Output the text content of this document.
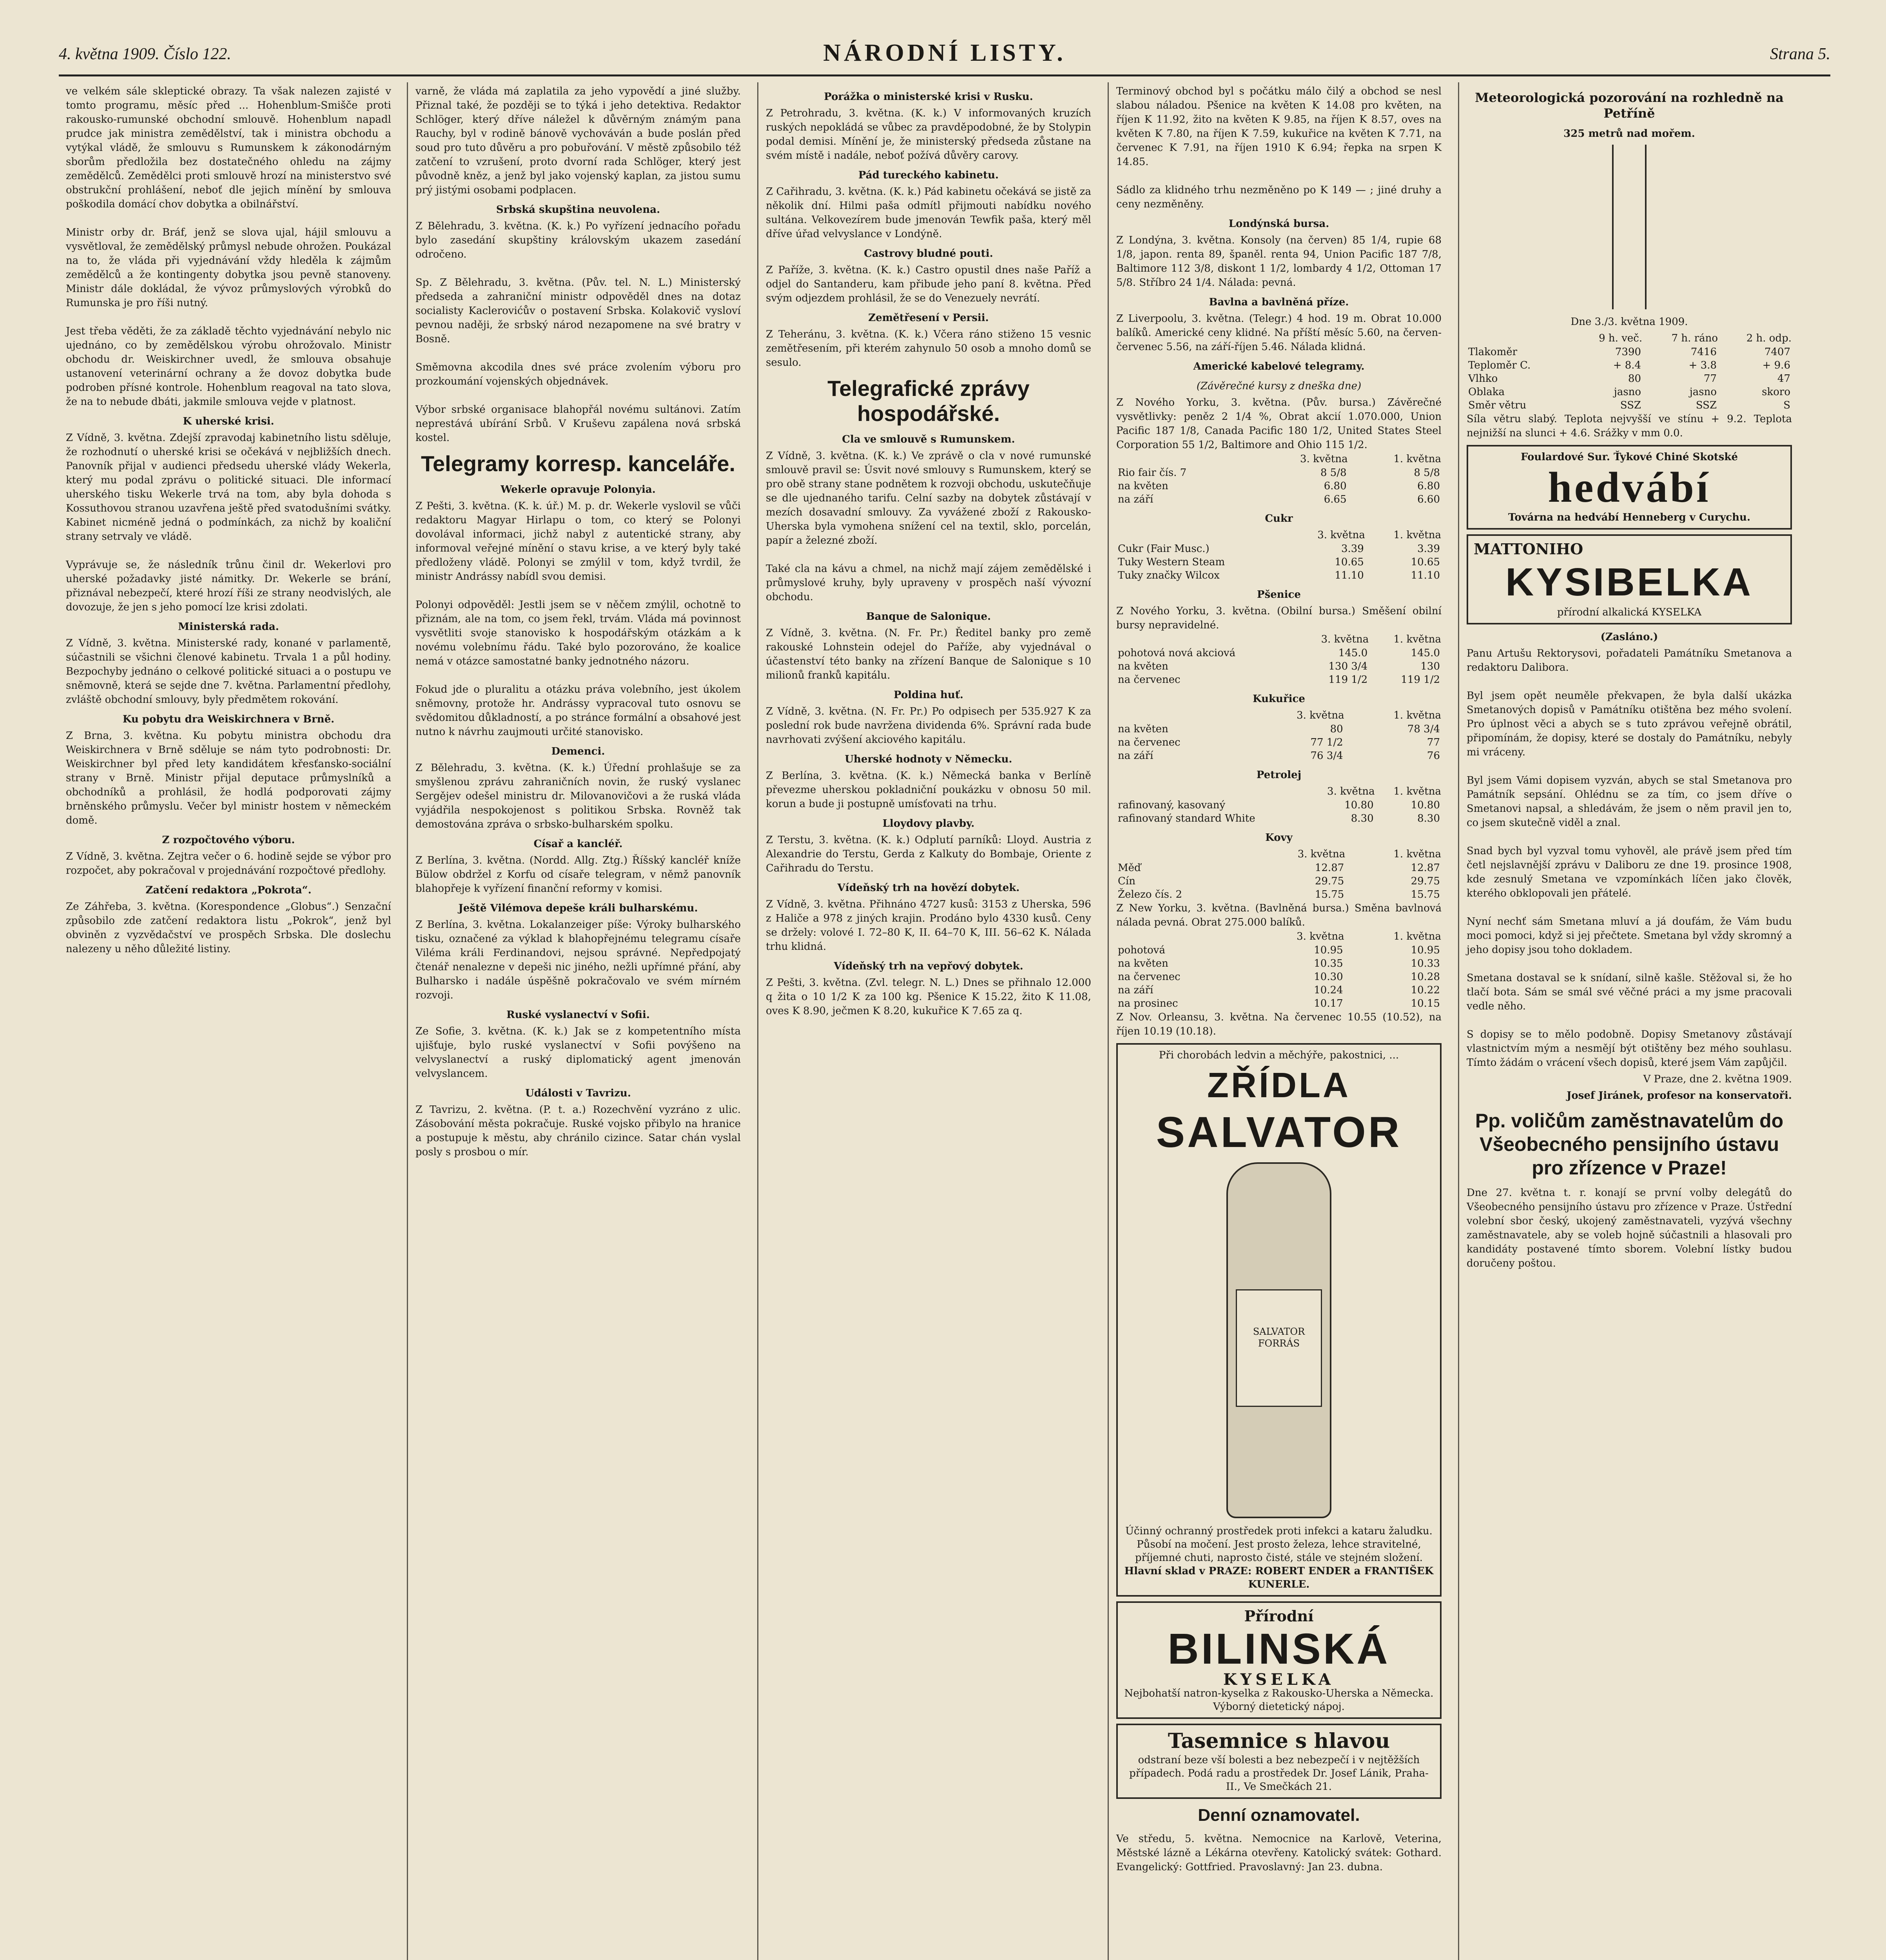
4. května 1909. Číslo 122.	NÁRODNÍ LISTY.	Strana 5.

ve velkém sále skleptické obrazy. Ta však nalezen zajisté v tomto programu, měsíc před ... Hohenblum-Smišče proti rakousko-rumunské obchodní smlouvě. Hohenblum napadl prudce jak ministra zemědělství, tak i ministra obchodu a vytýkal vládě, že smlouvu s Rumunskem k zákonodárným sborům předložila bez dostatečného ohledu na zájmy zemědělců. Zemědělci proti smlouvě hrozí na ministerstvo své obstrukční prohlášení, neboť dle jejich mínění by smlouva poškodila domácí chov dobytka a obilnářství.

Ministr orby dr. Bráf, jenž se slova ujal, hájil smlouvu a vysvětloval, že zemědělský průmysl nebude ohrožen. Poukázal na to, že vláda při vyjednávání vždy hleděla k zájmům zemědělců a že kontingenty dobytka jsou pevně stanoveny. Ministr dále dokládal, že vývoz průmyslových výrobků do Rumunska je pro říši nutný.

Jest třeba věděti, že za základě těchto vyjednávání nebylo nic ujednáno, co by zemědělskou výrobu ohrožovalo. Ministr obchodu dr. Weiskirchner uvedl, že smlouva obsahuje ustanovení veterinární ochrany a že dovoz dobytka bude podroben přísné kontrole. Hohenblum reagoval na tato slova, že na to nebude dbáti, jakmile smlouva vejde v platnost.

K uherské krisi.

Z Vídně, 3. května. Zdejší zpravodaj kabinetního listu sděluje, že rozhodnutí o uherské krisi se očekává v nejbližších dnech. Panovník přijal v audienci předsedu uherské vlády Wekerla, který mu podal zprávu o politické situaci. Dle informací uherského tisku Wekerle trvá na tom, aby byla dohoda s Kossuthovou stranou uzavřena ještě před svatodušními svátky. Kabinet nicméně jedná o podmínkách, za nichž by koaliční strany setrvaly ve vládě.

Vyprávuje se, že následník trůnu činil dr. Wekerlovi pro uherské požadavky jisté námitky. Dr. Wekerle se brání, přiznával nebezpečí, které hrozí říši ze strany neodvislých, ale dovozuje, že jen s jeho pomocí lze krisi zdolati.

Ministerská rada.

Z Vídně, 3. května. Ministerské rady, konané v parlamentě, súčastnili se všichni členové kabinetu. Trvala 1 a půl hodiny. Bezpochyby jednáno o celkové politické situaci a o postupu ve sněmovně, která se sejde dne 7. května. Parlamentní předlohy, zvláště obchodní smlouvy, byly předmětem rokování.

Ku pobytu dra Weiskirchnera v Brně.

Z Brna, 3. května. Ku pobytu ministra obchodu dra Weiskirchnera v Brně sděluje se nám tyto podrobnosti: Dr. Weiskirchner byl před lety kandidátem křesťansko-sociální strany v Brně. Ministr přijal deputace průmyslníků a obchodníků a prohlásil, že hodlá podporovati zájmy brněnského průmyslu. Večer byl ministr hostem v německém domě.

Z rozpočtového výboru.

Z Vídně, 3. května. Zejtra večer o 6. hodině sejde se výbor pro rozpočet, aby pokračoval v projednávání rozpočtové předlohy.

Zatčení redaktora „Pokrota“.

Ze Záhřeba, 3. května. (Korespondence „Globus“.) Senzační způsobilo zde zatčení redaktora listu „Pokrok“, jenž byl obviněn z vyzvědačství ve prospěch Srbska. Dle doslechu nalezeny u něho důležité listiny.

varně, že vláda má zaplatila za jeho vypovědí a jiné služby. Přiznal také, že později se to týká i jeho detektiva. Redaktor Schlöger, který dříve náležel k důvěrným známým pana Rauchy, byl v rodině bánově vychováván a bude poslán před soud pro tuto důvěru a pro pobuřování. V městě způsobilo též zatčení to vzrušení, proto dvorní rada Schlöger, který jest původně kněz, a jenž byl jako vojenský kaplan, za jistou sumu prý jistými osobami podplacen.

Srbská skupština neuvolena.

Z Bělehradu, 3. května. (K. k.) Po vyřízení jednacího pořadu bylo zasedání skupštiny královským ukazem zasedání odročeno.

Sp. Z Bělehradu, 3. května. (Pův. tel. N. L.) Ministerský předseda a zahraniční ministr odpověděl dnes na dotaz socialisty Kaclerovićův o postavení Srbska. Kolakovič vysloví pevnou naději, že srbský národ nezapomene na své bratry v Bosně.

Směmovna akcodila dnes své práce zvolením výboru pro prozkoumání vojenských objednávek.

Výbor srbské organisace blahopřál novému sultánovi. Zatím neprestává ubírání Srbů. V Kruševu zapálena nová srbská kostel.

Telegramy korresp. kanceláře.
Wekerle opravuje Polonyia.

Z Pešti, 3. května. (K. k. úř.) M. p. dr. Wekerle vyslovil se vůči redaktoru Magyar Hirlapu o tom, co který se Polonyi dovolával informaci, jichž nabyl z autentické strany, aby informoval veřejné mínění o stavu krise, a ve který byly také předloženy vládě. Polonyi se zmýlil v tom, když tvrdil, že ministr Andrássy nabídl svou demisi.

Polonyi odpověděl: Jestli jsem se v něčem zmýlil, ochotně to přiznám, ale na tom, co jsem řekl, trvám. Vláda má povinnost vysvětliti svoje stanovisko k hospodářským otázkám a k novému volebnímu řádu. Také bylo pozorováno, že koalice nemá v otázce samostatné banky jednotného názoru.

Fokud jde o pluralitu a otázku práva volebního, jest úkolem sněmovny, protože hr. Andrássy vypracoval tuto osnovu se svědomitou důkladností, a po stránce formální a obsahové jest nutno k návrhu zaujmouti určité stanovisko.

Demenci.

Z Bělehradu, 3. května. (K. k.) Úřední prohlašuje se za smyšlenou zprávu zahraničních novin, že ruský vyslanec Sergějev odešel ministru dr. Milovanovičovi a že ruská vláda vyjádřila nespokojenost s politikou Srbska. Rovněž tak demostována zpráva o srbsko-bulharském spolku.

Císař a kancléř.

Z Berlína, 3. května. (Nordd. Allg. Ztg.) Říšský kancléř kníže Bülow obdržel z Korfu od císaře telegram, v němž panovník blahopřeje k vyřízení finanční reformy v komisi.

Ještě Vilémova depeše králi bulharskému.

Z Berlína, 3. května. Lokalanzeiger píše: Výroky bulharského tisku, označené za výklad k blahopřejnému telegramu císaře Viléma králi Ferdinandovi, nejsou správné. Nepředpojatý čtenář nenalezne v depeši nic jiného, nežli upřímné přání, aby Bulharsko i nadále úspěšně pokračovalo ve svém mírném rozvoji.

Ruské vyslanectví v Sofii.

Ze Sofie, 3. května. (K. k.) Jak se z kompetentního místa ujišťuje, bylo ruské vyslanectví v Sofii povýšeno na velvyslanectví a ruský diplomatický agent jmenován velvyslancem.

Události v Tavrizu.

Z Tavrizu, 2. května. (P. t. a.) Rozechvění vyzráno z ulic. Zásobování města pokračuje. Ruské vojsko přibylo na hranice a postupuje k městu, aby chránilo cizince. Satar chán vyslal posly s prosbou o mír.

Porážka o ministerské krisi v Rusku.

Z Petrohradu, 3. května. (K. k.) V informovaných kruzích ruských nepokládá se vůbec za pravděpodobné, že by Stolypin podal demisi. Mínění je, že ministerský předseda zůstane na svém místě i nadále, neboť požívá důvěry carovy.

Pád tureckého kabinetu.

Z Cařihradu, 3. května. (K. k.) Pád kabinetu očekává se jistě za několik dní. Hilmi paša odmítl přijmouti nabídku nového sultána. Velkovezírem bude jmenován Tewfik paša, který měl dříve úřad velvyslance v Londýně.

Castrovy bludné pouti.

Z Paříže, 3. května. (K. k.) Castro opustil dnes naše Paříž a odjel do Santanderu, kam přibude jeho paní 8. května. Před svým odjezdem prohlásil, že se do Venezuely nevrátí.

Zemětřesení v Persii.

Z Teheránu, 3. května. (K. k.) Včera ráno stiženo 15 vesnic zemětřesením, při kterém zahynulo 50 osob a mnoho domů se sesulo.

Telegrafické zprávy hospodářské.
Cla ve smlouvě s Rumunskem.

Z Vídně, 3. května. (K. k.) Ve zprávě o cla v nové rumunské smlouvě pravil se: Úsvit nové smlouvy s Rumunskem, který se pro obě strany stane podnětem k rozvoji obchodu, uskutečňuje se dle ujednaného tarifu. Celní sazby na dobytek zůstávají v mezích dosavadní smlouvy. Za vyvážené zboží z Rakousko-Uherska byla vymohena snížení cel na textil, sklo, porcelán, papír a železné zboží.

Také cla na kávu a chmel, na nichž mají zájem zemědělské i průmyslové kruhy, byly upraveny v prospěch naší vývozní obchodu.

Banque de Salonique.

Z Vídně, 3. května. (N. Fr. Pr.) Ředitel banky pro země rakouské Lohnstein odejel do Paříže, aby vyjednával o účastenství této banky na zřízení Banque de Salonique s 10 milionů franků kapitálu.

Poldina huť.

Z Vídně, 3. května. (N. Fr. Pr.) Po odpisech per 535.927 K za poslední rok bude navržena dividenda 6%. Správní rada bude navrhovati zvýšení akciového kapitálu.

Uherské hodnoty v Německu.

Z Berlína, 3. května. (K. k.) Německá banka v Berlíně převezme uherskou pokladniční poukázku v obnosu 50 mil. korun a bude ji postupně umísťovati na trhu.

Lloydovy plavby.

Z Terstu, 3. května. (K. k.) Odplutí parníků: Lloyd. Austria z Alexandrie do Terstu, Gerda z Kalkuty do Bombaje, Oriente z Cařihradu do Terstu.

Vídeňský trh na hovězí dobytek.

Z Vídně, 3. května. Přihnáno 4727 kusů: 3153 z Uherska, 596 z Haliče a 978 z jiných krajin. Prodáno bylo 4330 kusů. Ceny se držely: volové I. 72–80 K, II. 64–70 K, III. 56–62 K. Nálada trhu klidná.

Vídeňský trh na vepřový dobytek.

Z Pešti, 3. května. (Zvl. telegr. N. L.) Dnes se přihnalo 12.000 q žita o 10 1/2 K za 100 kg. Pšenice K 15.22, žito K 11.08, oves K 8.90, ječmen K 8.20, kukuřice K 7.65 za q.

Terminový obchod byl s počátku málo čilý a obchod se nesl slabou náladou. Pšenice na květen K 14.08 pro květen, na říjen K 11.92, žito na květen K 9.85, na říjen K 8.57, oves na květen K 7.80, na říjen K 7.59, kukuřice na květen K 7.71, na červenec K 7.91, na říjen 1910 K 6.94; řepka na srpen K 14.85.

Sádlo za klidného trhu nezměněno po K 149 — ; jiné druhy a ceny nezměněny.

Londýnská bursa.

Z Londýna, 3. května. Konsoly (na červen) 85 1/4, rupie 68 1/8, japon. renta 89, španěl. renta 94, Union Pacific 187 7/8, Baltimore 112 3/8, diskont 1 1/2, lombardy 4 1/2, Ottoman 17 5/8. Stříbro 24 1/4. Nálada: pevná.

Bavlna a bavlněná příze.

Z Liverpoolu, 3. května. (Telegr.) 4 hod. 19 m. Obrat 10.000 balíků. Americké ceny klidné. Na příští měsíc 5.60, na červen-červenec 5.56, na září-říjen 5.46. Nálada klidná.

Americké kabelové telegramy.
(Závěrečné kursy z dneška dne)

Z Nového Yorku, 3. května. (Pův. bursa.) Závěrečné vysvětlivky: peněz 2 1/4 %, Obrat akcií 1.070.000, Union Pacific 187 1/8, Canada Pacific 180 1/2, United States Steel Corporation 55 1/2, Baltimore and Ohio 115 1/2.

	3. května	1. května
Rio fair čís. 7	8 5/8	8 5/8
na květen	6.80	6.80
na září	6.65	6.60
Cukr
	3. května	1. května
Cukr (Fair Musc.)	3.39	3.39
Tuky Western Steam	10.65	10.65
Tuky značky Wilcox	11.10	11.10
Pšenice

Z Nového Yorku, 3. května. (Obilní bursa.) Směšení obilní bursy nepravidelné.

	3. května	1. května
pohotová nová akciová	145.0	145.0
na květen	130 3/4	130
na červenec	119 1/2	119 1/2
Kukuřice
	3. května	1. května
na květen	80	78 3/4
na červenec	77 1/2	77
na září	76 3/4	76
Petrolej
	3. května	1. května
rafinovaný, kasovaný	10.80	10.80
rafinovaný standard White	8.30	8.30
Kovy
	3. května	1. května
Měď	12.87	12.87
Cín	29.75	29.75
Železo čís. 2	15.75	15.75

Z New Yorku, 3. května. (Bavlněná bursa.) Směna bavlnová nálada pevná. Obrat 275.000 balíků.

	3. května	1. května
pohotová	10.95	10.95
na květen	10.35	10.33
na červenec	10.30	10.28
na září	10.24	10.22
na prosinec	10.17	10.15

Z Nov. Orleansu, 3. května. Na červenec 10.55 (10.52), na říjen 10.19 (10.18).

Při chorobách ledvin a měchýře, pakostnici, ...
ZŘÍDLA
SALVATOR
SALVATOR FORRÁS
Účinný ochranný prostředek proti infekci a kataru žaludku. Působí na močení. Jest prosto železa, lehce stravitelné, příjemné chuti, naprosto čisté, stále ve stejném složení.
Hlavní sklad v PRAZE: ROBERT ENDER a FRANTIŠEK KUNERLE.
Přírodní
BILINSKÁ
KYSELKA
Nejbohatší natron-kyselka z Rakousko-Uherska a Německa. Výborný dietetický nápoj.
Tasemnice s hlavou
odstraní beze vší bolesti a bez nebezpečí i v nejtěžších případech. Podá radu a prostředek Dr. Josef Lánik, Praha-II., Ve Smečkách 21.
Denní oznamovatel.

Ve středu, 5. května. Nemocnice na Karlově, Veterina, Městské lázně a Lékárna otevřeny. Katolický svátek: Gothard. Evangelický: Gottfried. Pravoslavný: Jan 23. dubna.

Meteorologická pozorování na rozhledně na Petříně
325 metrů nad mořem.
Dne 3./3. května 1909.
	9 h. več.	7 h. ráno	2 h. odp.
Tlakoměr	7390	7416	7407
Teploměr C.	+ 8.4	+ 3.8	+ 9.6
Vlhko	80	77	47
Oblaka	jasno	jasno	skoro
Směr větru	SSZ	SSZ	S

Síla větru slabý. Teplota nejvyšší ve stínu + 9.2. Teplota nejnižší na slunci + 4.6. Srážky v mm 0.0.

Foulardové Sur. Ťykové Chiné Skotské
hedvábí
Továrna na hedvábí Henneberg v Curychu.
MATTONIHO
KYSIBELKA
přírodní alkalická KYSELKA
(Zasláno.)

Panu Artušu Rektorysovi, pořadateli Památníku Smetanova a redaktoru Dalibora.

Byl jsem opět neuměle překvapen, že byla další ukázka Smetanových dopisů v Památníku otištěna bez mého svolení. Pro úplnost věci a abych se s tuto zprávou veřejně obrátil, připomínám, že dopisy, které se dostaly do Památníku, nebyly mi vráceny.

Byl jsem Vámi dopisem vyzván, abych se stal Smetanova pro Památník sepsání. Ohlédnu se za tím, co jsem dříve o Smetanovi napsal, a shledávám, že jsem o něm pravil jen to, co jsem skutečně viděl a znal.

Snad bych byl vyzval tomu vyhověl, ale právě jsem před tím četl nejslavnější zprávu v Daliboru ze dne 19. prosince 1908, kde zesnulý Smetana ve vzpomínkách líčen jako člověk, kterého obklopovali jen přátelé.

Nyní nechť sám Smetana mluví a já doufám, že Vám budu moci pomoci, když si jej přečtete. Smetana byl vždy skromný a jeho dopisy jsou toho dokladem.

Smetana dostaval se k snídaní, silně kašle. Stěžoval si, že ho tlačí bota. Sám se smál své věčné práci a my jsme pracovali vedle něho.

S dopisy se to mělo podobně. Dopisy Smetanovy zůstávají vlastnictvím mým a nesmějí být otištěny bez mého souhlasu. Tímto žádám o vrácení všech dopisů, které jsem Vám zapůjčil.

V Praze, dne 2. května 1909.
Josef Jiránek, profesor na konservatoři.
Pp. voličům zaměstnavatelům do Všeobecného pensijního ústavu pro zřízence v Praze!

Dne 27. května t. r. konají se první volby delegátů do Všeobecného pensijního ústavu pro zřízence v Praze. Ústřední volební sbor český, ukojený zaměstnavateli, vyzývá všechny zaměstnavatele, aby se voleb hojně súčastnili a hlasovali pro kandidáty postavené tímto sborem. Volební lístky budou doručeny poštou.
